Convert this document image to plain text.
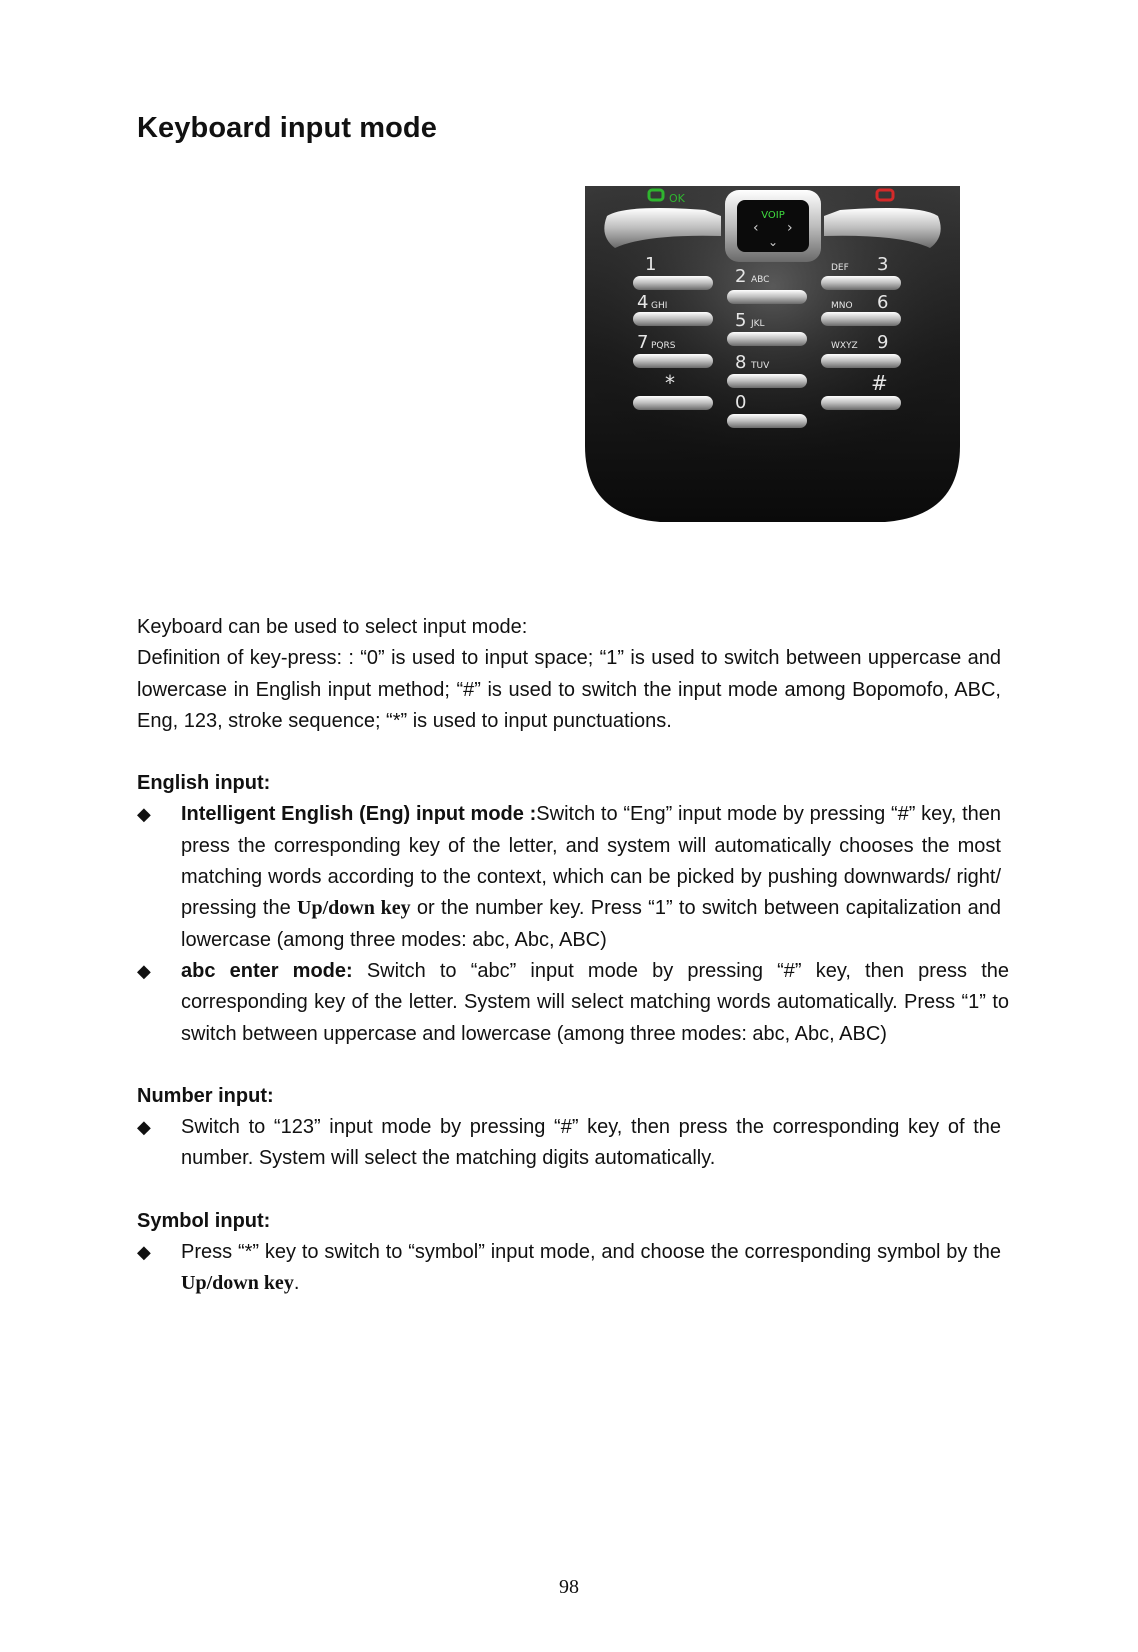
Keyboard input mode
OK
VOIP
‹ ›
⌄
1
2 ABC
DEF 3
4 GHI
5 JKL
MNO 6
7 PQRS
8 TUV
WXYZ 9
*
0
#

Keyboard can be used to select input mode:

Definition of key-press: : “0” is used to input space; “1” is used to switch between uppercase and lowercase in English input method; “#” is used to switch the input mode among Bopomofo, ABC, Eng, 123, stroke sequence; “*” is used to input punctuations.

English input:

◆	Intelligent English (Eng) input mode :Switch to “Eng” input mode by pressing “#” key, then press the corresponding key of the letter, and system will automatically chooses the most matching words according to the context, which can be picked by pushing downwards/ right/ pressing the Up/down key or the number key. Press “1” to switch between capitalization and lowercase (among three modes: abc, Abc, ABC)
◆	abc enter mode: Switch to “abc” input mode by pressing “#” key, then press the corresponding key of the letter. System will select matching words automatically. Press “1” to switch between uppercase and lowercase (among three modes: abc, Abc, ABC)

Number input:

◆	Switch to “123” input mode by pressing “#” key, then press the corresponding key of the number. System will select the matching digits automatically.

Symbol input:

◆	Press “*” key to switch to “symbol” input mode, and choose the corresponding symbol by the Up/down key.
98
